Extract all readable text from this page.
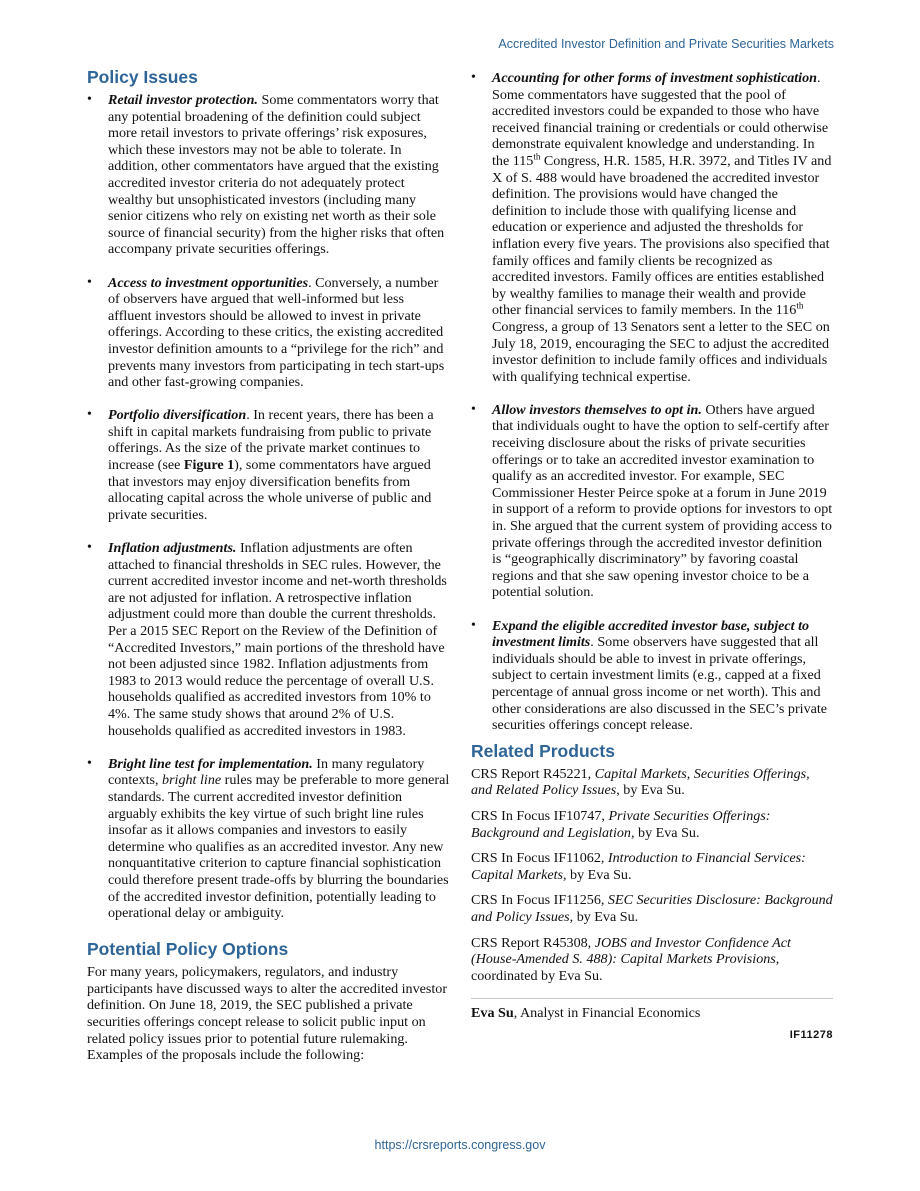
Accredited Investor Definition and Private Securities Markets
Policy Issues
• Retail investor protection. Some commentators worry that any potential broadening of the definition could subject more retail investors to private offerings’ risk exposures, which these investors may not be able to tolerate. In addition, other commentators have argued that the existing accredited investor criteria do not adequately protect wealthy but unsophisticated investors (including many senior citizens who rely on existing net worth as their sole source of financial security) from the higher risks that often accompany private securities offerings.
• Access to investment opportunities. Conversely, a number of observers have argued that well-informed but less affluent investors should be allowed to invest in private offerings. According to these critics, the existing accredited investor definition amounts to a “privilege for the rich” and prevents many investors from participating in tech start-ups and other fast-growing companies.
• Portfolio diversification. In recent years, there has been a shift in capital markets fundraising from public to private offerings. As the size of the private market continues to increase (see Figure 1), some commentators have argued that investors may enjoy diversification benefits from allocating capital across the whole universe of public and private securities.
• Inflation adjustments. Inflation adjustments are often attached to financial thresholds in SEC rules. However, the current accredited investor income and net-worth thresholds are not adjusted for inflation. A retrospective inflation adjustment could more than double the current thresholds. Per a 2015 SEC Report on the Review of the Definition of “Accredited Investors,” main portions of the threshold have not been adjusted since 1982. Inflation adjustments from 1983 to 2013 would reduce the percentage of overall U.S. households qualified as accredited investors from 10% to 4%. The same study shows that around 2% of U.S. households qualified as accredited investors in 1983.
• Bright line test for implementation. In many regulatory contexts, bright line rules may be preferable to more general standards. The current accredited investor definition arguably exhibits the key virtue of such bright line rules insofar as it allows companies and investors to easily determine who qualifies as an accredited investor. Any new nonquantitative criterion to capture financial sophistication could therefore present trade-offs by blurring the boundaries of the accredited investor definition, potentially leading to operational delay or ambiguity.
Potential Policy Options

For many years, policymakers, regulators, and industry participants have discussed ways to alter the accredited investor definition. On June 18, 2019, the SEC published a private securities offerings concept release to solicit public input on related policy issues prior to potential future rulemaking. Examples of the proposals include the following:

• Accounting for other forms of investment sophistication. Some commentators have suggested that the pool of accredited investors could be expanded to those who have received financial training or credentials or could otherwise demonstrate equivalent knowledge and understanding. In the 115th Congress, H.R. 1585, H.R. 3972, and Titles IV and X of S. 488 would have broadened the accredited investor definition. The provisions would have changed the definition to include those with qualifying license and education or experience and adjusted the thresholds for inflation every five years. The provisions also specified that family offices and family clients be recognized as accredited investors. Family offices are entities established by wealthy families to manage their wealth and provide other financial services to family members. In the 116th Congress, a group of 13 Senators sent a letter to the SEC on July 18, 2019, encouraging the SEC to adjust the accredited investor definition to include family offices and individuals with qualifying technical expertise.
• Allow investors themselves to opt in. Others have argued that individuals ought to have the option to self-certify after receiving disclosure about the risks of private securities offerings or to take an accredited investor examination to qualify as an accredited investor. For example, SEC Commissioner Hester Peirce spoke at a forum in June 2019 in support of a reform to provide options for investors to opt in. She argued that the current system of providing access to private offerings through the accredited investor definition is “geographically discriminatory” by favoring coastal regions and that she saw opening investor choice to be a potential solution.
• Expand the eligible accredited investor base, subject to investment limits. Some observers have suggested that all individuals should be able to invest in private offerings, subject to certain investment limits (e.g., capped at a fixed percentage of annual gross income or net worth). This and other considerations are also discussed in the SEC’s private securities offerings concept release.
Related Products

CRS Report R45221, Capital Markets, Securities Offerings, and Related Policy Issues, by Eva Su.

CRS In Focus IF10747, Private Securities Offerings: Background and Legislation, by Eva Su.

CRS In Focus IF11062, Introduction to Financial Services: Capital Markets, by Eva Su.

CRS In Focus IF11256, SEC Securities Disclosure: Background and Policy Issues, by Eva Su.

CRS Report R45308, JOBS and Investor Confidence Act (House-Amended S. 488): Capital Markets Provisions, coordinated by Eva Su.

Eva Su, Analyst in Financial Economics

IF11278
https://crsreports.congress.gov
